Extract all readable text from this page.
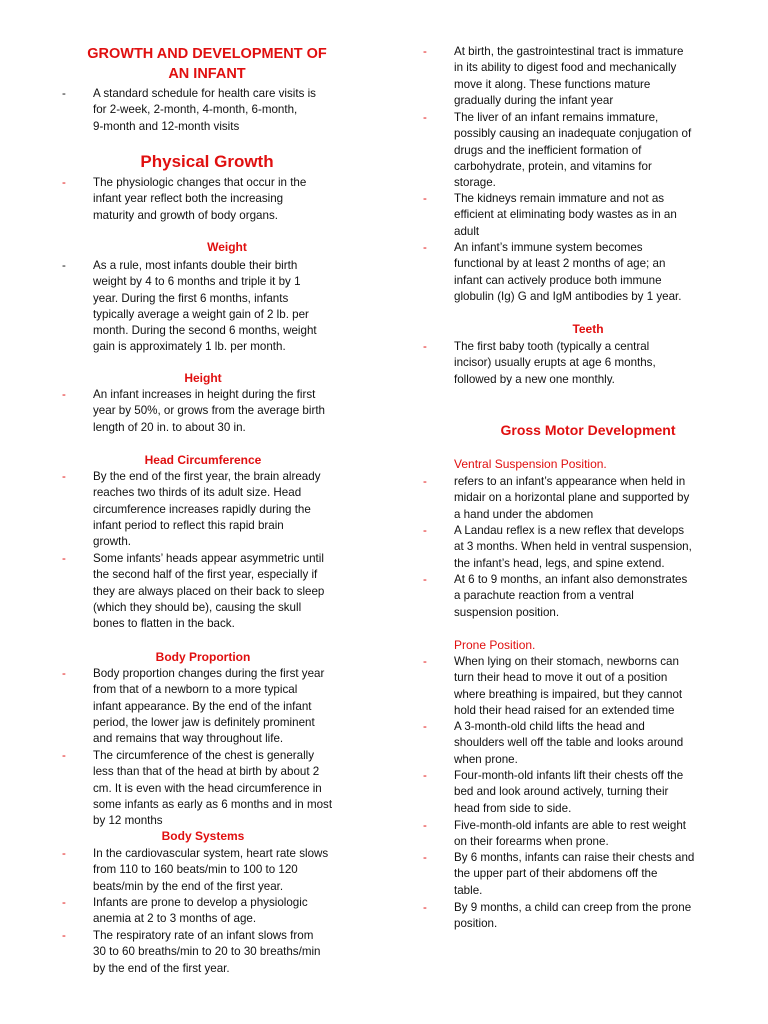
GROWTH AND DEVELOPMENT OF
AN INFANT
- A standard schedule for health care visits is
for 2-week, 2-month, 4-month, 6-month,
9-month and 12-month visits
Physical Growth
- The physiologic changes that occur in the
infant year reflect both the increasing
maturity and growth of body organs.
Weight
- As a rule, most infants double their birth
weight by 4 to 6 months and triple it by 1
year. During the first 6 months, infants
typically average a weight gain of 2 lb. per
month. During the second 6 months, weight
gain is approximately 1 lb. per month.
Height
- An infant increases in height during the first
year by 50%, or grows from the average birth
length of 20 in. to about 30 in.
Head Circumference
- By the end of the first year, the brain already
reaches two thirds of its adult size. Head
circumference increases rapidly during the
infant period to reflect this rapid brain
growth.
- Some infants’ heads appear asymmetric until
the second half of the first year, especially if
they are always placed on their back to sleep
(which they should be), causing the skull
bones to flatten in the back.
Body Proportion
- Body proportion changes during the first year
from that of a newborn to a more typical
infant appearance. By the end of the infant
period, the lower jaw is definitely prominent
and remains that way throughout life.
- The circumference of the chest is generally
less than that of the head at birth by about 2
cm. It is even with the head circumference in
some infants as early as 6 months and in most
by 12 months
Body Systems
- In the cardiovascular system, heart rate slows
from 110 to 160 beats/min to 100 to 120
beats/min by the end of the first year.
- Infants are prone to develop a physiologic
anemia at 2 to 3 months of age.
- The respiratory rate of an infant slows from
30 to 60 breaths/min to 20 to 30 breaths/min
by the end of the first year.
- At birth, the gastrointestinal tract is immature
in its ability to digest food and mechanically
move it along. These functions mature
gradually during the infant year
- The liver of an infant remains immature,
possibly causing an inadequate conjugation of
drugs and the inefficient formation of
carbohydrate, protein, and vitamins for
storage.
- The kidneys remain immature and not as
efficient at eliminating body wastes as in an
adult
- An infant’s immune system becomes
functional by at least 2 months of age; an
infant can actively produce both immune
globulin (Ig) G and IgM antibodies by 1 year.
Teeth
- The first baby tooth (typically a central
incisor) usually erupts at age 6 months,
followed by a new one monthly.
Gross Motor Development
Ventral Suspension Position.
- refers to an infant’s appearance when held in
midair on a horizontal plane and supported by
a hand under the abdomen
- A Landau reflex is a new reflex that develops
at 3 months. When held in ventral suspension,
the infant’s head, legs, and spine extend.
- At 6 to 9 months, an infant also demonstrates
a parachute reaction from a ventral
suspension position.
Prone Position.
- When lying on their stomach, newborns can
turn their head to move it out of a position
where breathing is impaired, but they cannot
hold their head raised for an extended time
- A 3-month-old child lifts the head and
shoulders well off the table and looks around
when prone.
- Four-month-old infants lift their chests off the
bed and look around actively, turning their
head from side to side.
- Five-month-old infants are able to rest weight
on their forearms when prone.
- By 6 months, infants can raise their chests and
the upper part of their abdomens off the
table.
- By 9 months, a child can creep from the prone
position.
